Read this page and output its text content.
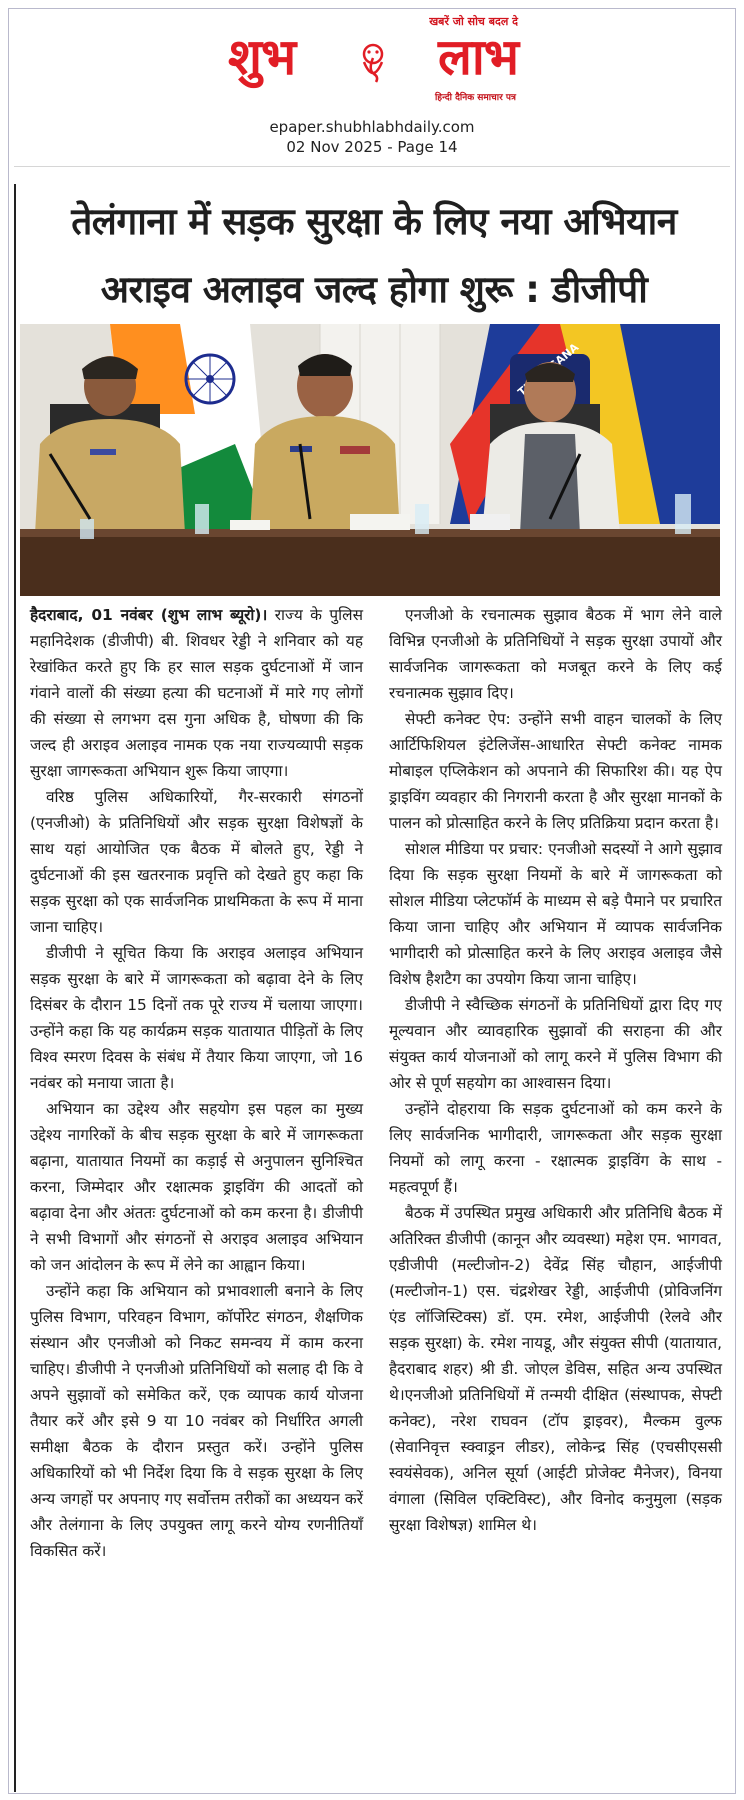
खबरें जो सोच बदल दे
शुभ	लाभ
हिन्दी दैनिक समाचार पत्र
epaper.shubhlabhdaily.com
02 Nov 2025 - Page 14
तेलंगाना में सड़क सुरक्षा के लिए नया अभियान
अराइव अलाइव जल्द होगा शुरू : डीजीपी

हैदराबाद, 01 नवंबर (शुभ लाभ ब्यूरो)। राज्य के पुलिस महानिदेशक (डीजीपी) बी. शिवधर रेड्डी ने शनिवार को यह रेखांकित करते हुए कि हर साल सड़क दुर्घटनाओं में जान गंवाने वालों की संख्या हत्या की घटनाओं में मारे गए लोगों की संख्या से लगभग दस गुना अधिक है, घोषणा की कि जल्द ही अराइव अलाइव नामक एक नया राज्यव्यापी सड़क सुरक्षा जागरूकता अभियान शुरू किया जाएगा।

वरिष्ठ पुलिस अधिकारियों, गैर-सरकारी संगठनों (एनजीओ) के प्रतिनिधियों और सड़क सुरक्षा विशेषज्ञों के साथ यहां आयोजित एक बैठक में बोलते हुए, रेड्डी ने दुर्घटनाओं की इस खतरनाक प्रवृत्ति को देखते हुए कहा कि सड़क सुरक्षा को एक सार्वजनिक प्राथमिकता के रूप में माना जाना चाहिए।

डीजीपी ने सूचित किया कि अराइव अलाइव अभियान सड़क सुरक्षा के बारे में जागरूकता को बढ़ावा देने के लिए दिसंबर के दौरान 15 दिनों तक पूरे राज्य में चलाया जाएगा। उन्होंने कहा कि यह कार्यक्रम सड़क यातायात पीड़ितों के लिए विश्व स्मरण दिवस के संबंध में तैयार किया जाएगा, जो 16 नवंबर को मनाया जाता है।

अभियान का उद्देश्य और सहयोग इस पहल का मुख्य उद्देश्य नागरिकों के बीच सड़क सुरक्षा के बारे में जागरूकता बढ़ाना, यातायात नियमों का कड़ाई से अनुपालन सुनिश्चित करना, जिम्मेदार और रक्षात्मक ड्राइविंग की आदतों को बढ़ावा देना और अंततः दुर्घटनाओं को कम करना है। डीजीपी ने सभी विभागों और संगठनों से अराइव अलाइव अभियान को जन आंदोलन के रूप में लेने का आह्वान किया।

उन्होंने कहा कि अभियान को प्रभावशाली बनाने के लिए पुलिस विभाग, परिवहन विभाग, कॉर्पोरेट संगठन, शैक्षणिक संस्थान और एनजीओ को निकट समन्वय में काम करना चाहिए। डीजीपी ने एनजीओ प्रतिनिधियों को सलाह दी कि वे अपने सुझावों को समेकित करें, एक व्यापक कार्य योजना तैयार करें और इसे 9 या 10 नवंबर को निर्धारित अगली समीक्षा बैठक के दौरान प्रस्तुत करें। उन्होंने पुलिस अधिकारियों को भी निर्देश दिया कि वे सड़क सुरक्षा के लिए अन्य जगहों पर अपनाए गए सर्वोत्तम तरीकों का अध्ययन करें और तेलंगाना के लिए उपयुक्त लागू करने योग्य रणनीतियाँ विकसित करें।

एनजीओ के रचनात्मक सुझाव बैठक में भाग लेने वाले विभिन्न एनजीओ के प्रतिनिधियों ने सड़क सुरक्षा उपायों और सार्वजनिक जागरूकता को मजबूत करने के लिए कई रचनात्मक सुझाव दिए।

सेफ्टी कनेक्ट ऐप: उन्होंने सभी वाहन चालकों के लिए आर्टिफिशियल इंटेलिजेंस-आधारित सेफ्टी कनेक्ट नामक मोबाइल एप्लिकेशन को अपनाने की सिफारिश की। यह ऐप ड्राइविंग व्यवहार की निगरानी करता है और सुरक्षा मानकों के पालन को प्रोत्साहित करने के लिए प्रतिक्रिया प्रदान करता है।

सोशल मीडिया पर प्रचार: एनजीओ सदस्यों ने आगे सुझाव दिया कि सड़क सुरक्षा नियमों के बारे में जागरूकता को सोशल मीडिया प्लेटफॉर्म के माध्यम से बड़े पैमाने पर प्रचारित किया जाना चाहिए और अभियान में व्यापक सार्वजनिक भागीदारी को प्रोत्साहित करने के लिए अराइव अलाइव जैसे विशेष हैशटैग का उपयोग किया जाना चाहिए।

डीजीपी ने स्वैच्छिक संगठनों के प्रतिनिधियों द्वारा दिए गए मूल्यवान और व्यावहारिक सुझावों की सराहना की और संयुक्त कार्य योजनाओं को लागू करने में पुलिस विभाग की ओर से पूर्ण सहयोग का आश्वासन दिया।

उन्होंने दोहराया कि सड़क दुर्घटनाओं को कम करने के लिए सार्वजनिक भागीदारी, जागरूकता और सड़क सुरक्षा नियमों को लागू करना - रक्षात्मक ड्राइविंग के साथ - महत्वपूर्ण हैं।

बैठक में उपस्थित प्रमुख अधिकारी और प्रतिनिधि बैठक में अतिरिक्त डीजीपी (कानून और व्यवस्था) महेश एम. भागवत, एडीजीपी (मल्टीजोन-2) देवेंद्र सिंह चौहान, आईजीपी (मल्टीजोन-1) एस. चंद्रशेखर रेड्डी, आईजीपी (प्रोविजनिंग एंड लॉजिस्टिक्स) डॉ. एम. रमेश, आईजीपी (रेलवे और सड़क सुरक्षा) के. रमेश नायडू, और संयुक्त सीपी (यातायात, हैदराबाद शहर) श्री डी. जोएल डेविस, सहित अन्य उपस्थित थे।एनजीओ प्रतिनिधियों में तन्मयी दीक्षित (संस्थापक, सेफ्टी कनेक्ट), नरेश राघवन (टॉप ड्राइवर), मैल्कम वुल्फ (सेवानिवृत्त स्क्वाड्रन लीडर), लोकेन्द्र सिंह (एचसीएससी स्वयंसेवक), अनिल सूर्या (आईटी प्रोजेक्ट मैनेजर), विनया वंगाला (सिविल एक्टिविस्ट), और विनोद कनुमुला (सड़क सुरक्षा विशेषज्ञ) शामिल थे।
